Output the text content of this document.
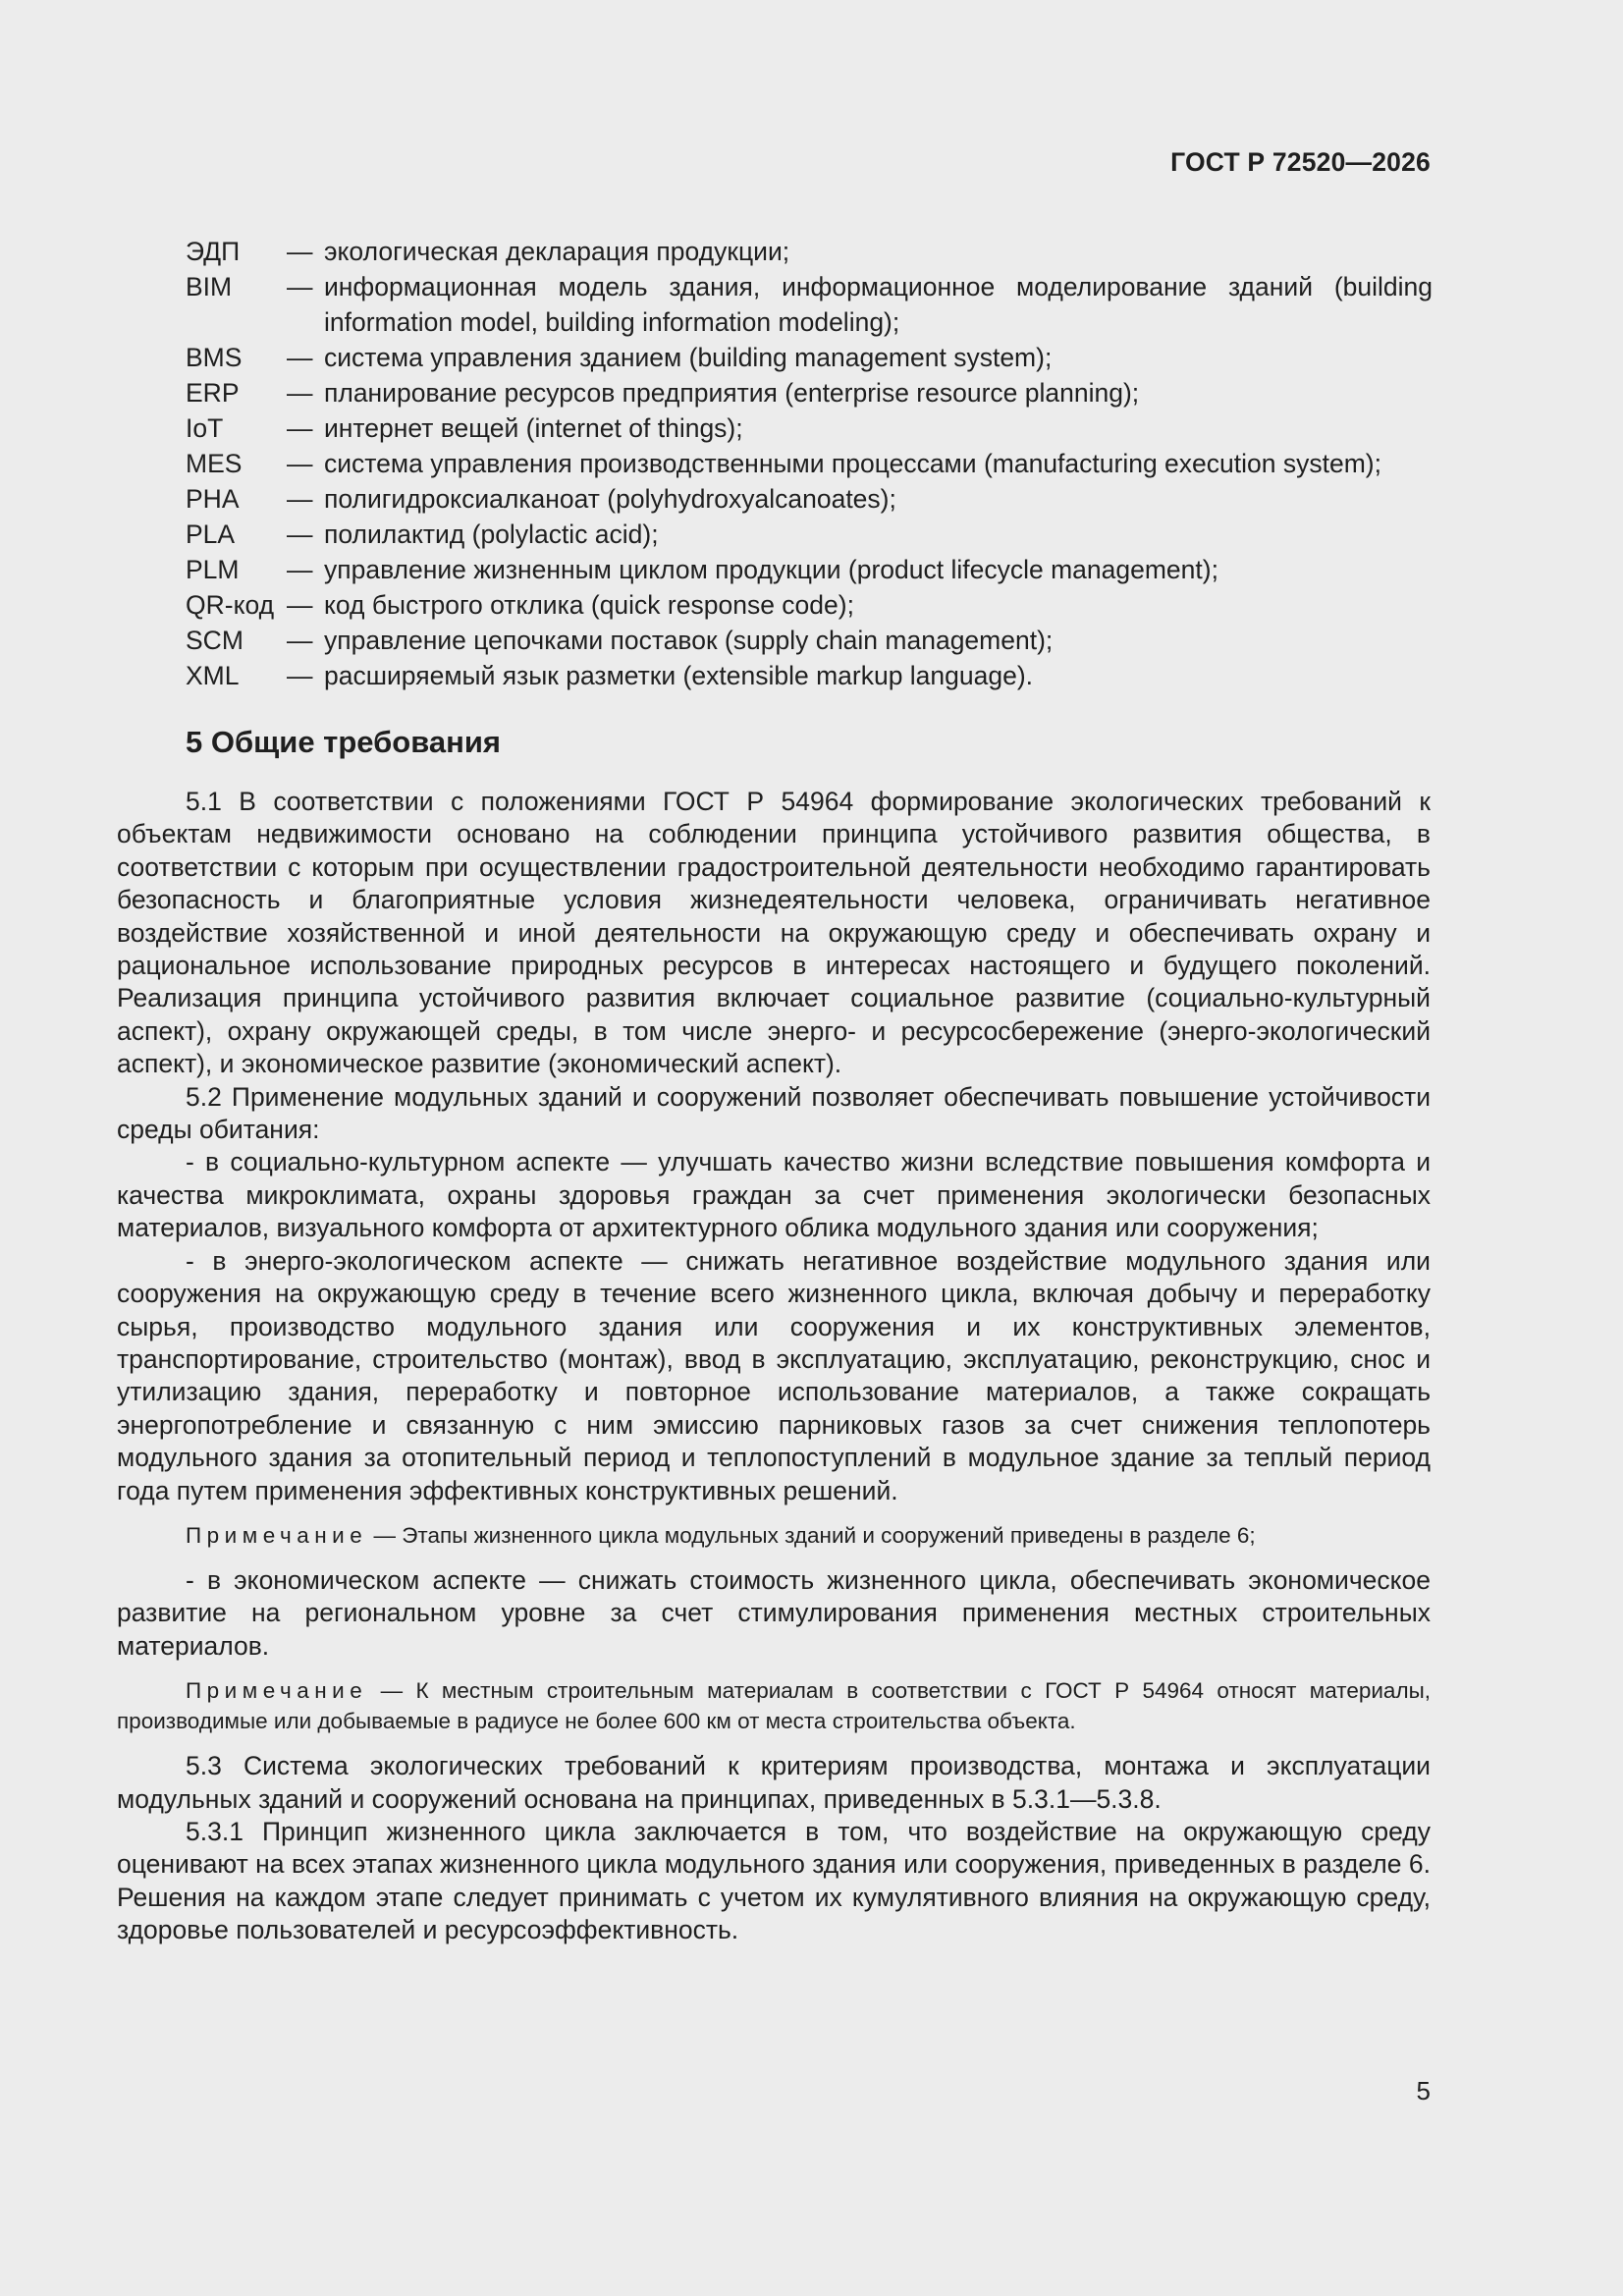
ГОСТ Р 72520—2026
ЭДП	— экологическая декларация продукции;
BIM	— информационная модель здания, информационное моделирование зданий (building information model, building information modeling);
BMS	— система управления зданием (building management system);
ERP	— планирование ресурсов предприятия (enterprise resource planning);
IoT	— интернет вещей (internet of things);
MES	— система управления производственными процессами (manufacturing execution system);
PHA	— полигидроксиалканоат (polyhydroxyalcanoates);
PLA	— полилактид (polylactic acid);
PLM	— управление жизненным циклом продукции (product lifecycle management);
QR-код — код быстрого отклика (quick response code);
SCM	— управление цепочками поставок (supply chain management);
XML	— расширяемый язык разметки (extensible markup language).
5 Общие требования

5.1 В соответствии с положениями ГОСТ Р 54964 формирование экологических требований к объектам недвижимости основано на соблюдении принципа устойчивого развития общества, в соответствии с которым при осуществлении градостроительной деятельности необходимо гарантировать безопасность и благоприятные условия жизнедеятельности человека, ограничивать негативное воздействие хозяйственной и иной деятельности на окружающую среду и обеспечивать охрану и рациональное использование природных ресурсов в интересах настоящего и будущего поколений. Реализация принципа устойчивого развития включает социальное развитие (социально-культурный аспект), охрану окружающей среды, в том числе энерго- и ресурсосбережение (энерго-экологический аспект), и экономическое развитие (экономический аспект).

5.2 Применение модульных зданий и сооружений позволяет обеспечивать повышение устойчивости среды обитания:

- в социально-культурном аспекте — улучшать качество жизни вследствие повышения комфорта и качества микроклимата, охраны здоровья граждан за счет применения экологически безопасных материалов, визуального комфорта от архитектурного облика модульного здания или сооружения;

- в энерго-экологическом аспекте — снижать негативное воздействие модульного здания или сооружения на окружающую среду в течение всего жизненного цикла, включая добычу и переработку сырья, производство модульного здания или сооружения и их конструктивных элементов, транспортирование, строительство (монтаж), ввод в эксплуатацию, эксплуатацию, реконструкцию, снос и утилизацию здания, переработку и повторное использование материалов, а также сокращать энергопотребление и связанную с ним эмиссию парниковых газов за счет снижения теплопотерь модульного здания за отопительный период и теплопоступлений в модульное здание за теплый период года путем применения эффективных конструктивных решений.

Примечание — Этапы жизненного цикла модульных зданий и сооружений приведены в разделе 6;

- в экономическом аспекте — снижать стоимость жизненного цикла, обеспечивать экономическое развитие на региональном уровне за счет стимулирования применения местных строительных материалов.

Примечание — К местным строительным материалам в соответствии с ГОСТ Р 54964 относят материалы, производимые или добываемые в радиусе не более 600 км от места строительства объекта.

5.3 Система экологических требований к критериям производства, монтажа и эксплуатации модульных зданий и сооружений основана на принципах, приведенных в 5.3.1—5.3.8.

5.3.1 Принцип жизненного цикла заключается в том, что воздействие на окружающую среду оценивают на всех этапах жизненного цикла модульного здания или сооружения, приведенных в разделе 6. Решения на каждом этапе следует принимать с учетом их кумулятивного влияния на окружающую среду, здоровье пользователей и ресурсоэффективность.

5
